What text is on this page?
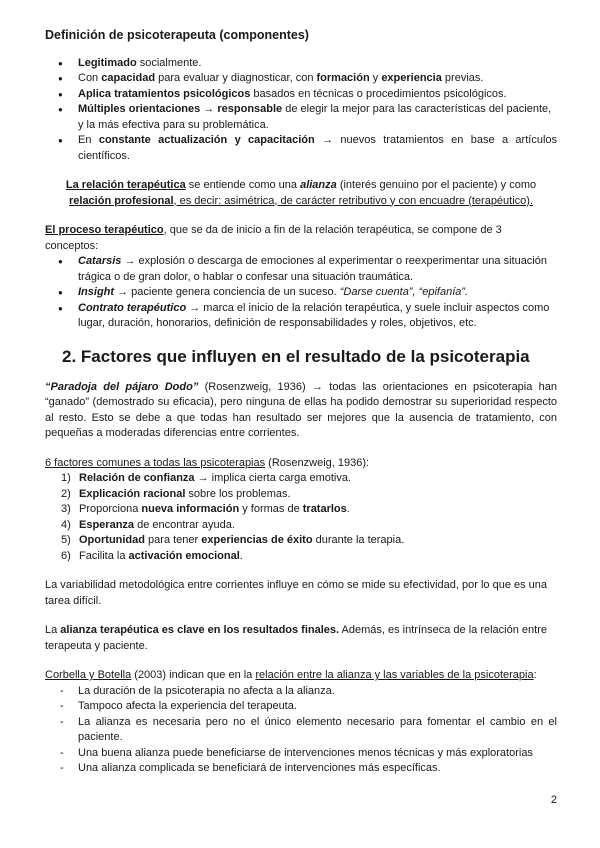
Definición de psicoterapeuta (componentes)
● Legitimado socialmente.
● Con capacidad para evaluar y diagnosticar, con formación y experiencia previas.
● Aplica tratamientos psicológicos basados en técnicas o procedimientos psicológicos.
● Múltiples orientaciones → responsable de elegir la mejor para las características del paciente, y la más efectiva para su problemática.
● En constante actualización y capacitación → nuevos tratamientos en base a artículos científicos.

La relación terapéutica se entiende como una alianza (interés genuino por el paciente) y como relación profesional, es decir: asimétrica, de carácter retributivo y con encuadre (terapéutico).

El proceso terapéutico, que se da de inicio a fin de la relación terapéutica, se compone de 3 conceptos:

● Catarsis → explosión o descarga de emociones al experimentar o reexperimentar una situación trágica o de gran dolor, o hablar o confesar una situación traumática.
● Insight → paciente genera conciencia de un suceso. “Darse cuenta”, “epifanía”.
● Contrato terapéutico → marca el inicio de la relación terapéutica, y suele incluir aspectos como lugar, duración, honorarios, definición de responsabilidades y roles, objetivos, etc.
2. Factores que influyen en el resultado de la psicoterapia

“Paradoja del pájaro Dodo” (Rosenzweig, 1936) → todas las orientaciones en psicoterapia han “ganado” (demostrado su eficacia), pero ninguna de ellas ha podido demostrar su superioridad respecto al resto. Esto se debe a que todas han resultado ser mejores que la ausencia de tratamiento, con pequeñas a moderadas diferencias entre corrientes.

6 factores comunes a todas las psicoterapias (Rosenzweig, 1936):

1) Relación de confianza → implica cierta carga emotiva.
2) Explicación racional sobre los problemas.
3) Proporciona nueva información y formas de tratarlos.
4) Esperanza de encontrar ayuda.
5) Oportunidad para tener experiencias de éxito durante la terapia.
6) Facilita la activación emocional.

La variabilidad metodológica entre corrientes influye en cómo se mide su efectividad, por lo que es una tarea difícil.

La alianza terapéutica es clave en los resultados finales. Además, es intrínseca de la relación entre terapeuta y paciente.

Corbella y Botella (2003) indican que en la relación entre la alianza y las variables de la psicoterapia:

- La duración de la psicoterapia no afecta a la alianza.
- Tampoco afecta la experiencia del terapeuta.
- La alianza es necesaria pero no el único elemento necesario para fomentar el cambio en el paciente.
- Una buena alianza puede beneficiarse de intervenciones menos técnicas y más exploratorias
- Una alianza complicada se beneficiará de intervenciones más específicas.
2
